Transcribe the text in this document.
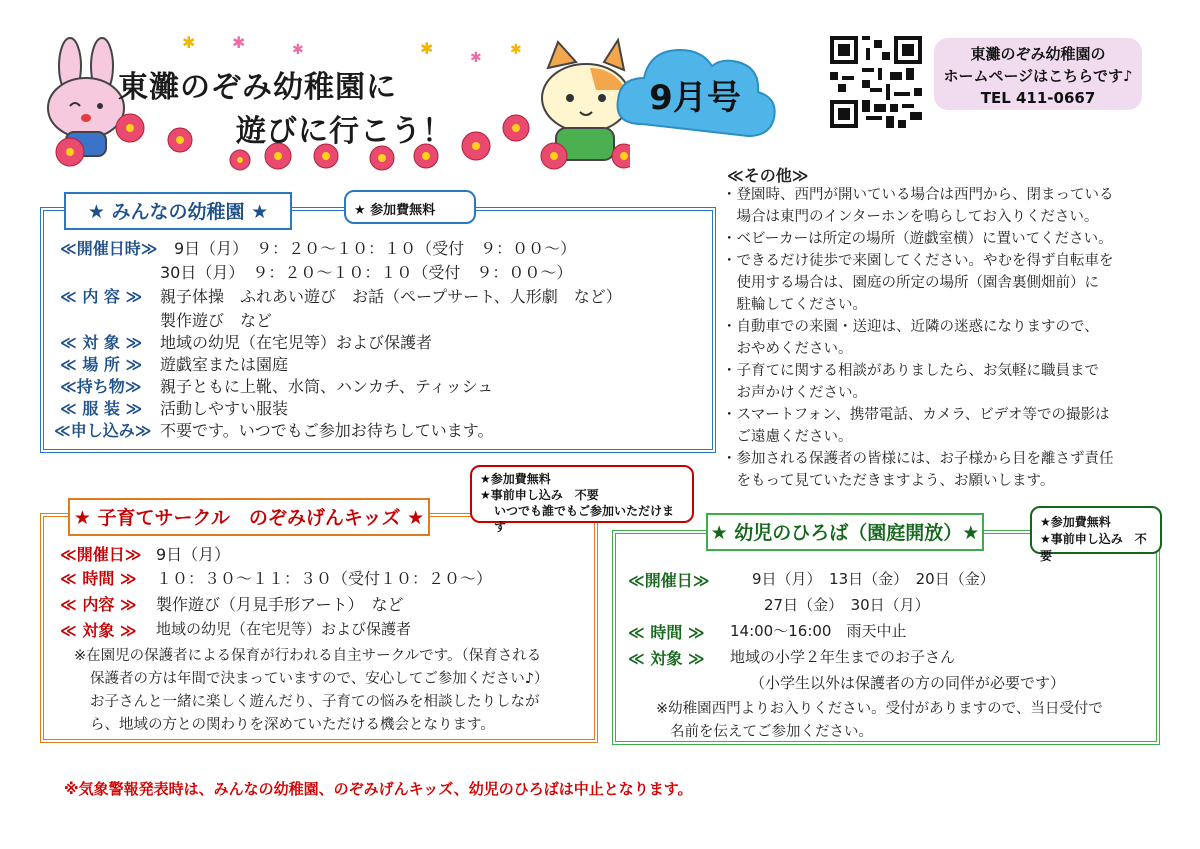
✱ ✱	✱	✱	✱ ✱
東灘のぞみ幼稚園に
遊びに行こう！
9月号
東灘のぞみ幼稚園の
ホームページはこちらです♪
TEL 411-0667
★ みんなの幼稚園 ★	★ 参加費無料
≪開催日時≫ 9日（月）　９：２０～１０：１０（受付　９：００～）
30日（月）　９：２０～１０：１０（受付　９：００～）
≪ 内 容 ≫ 親子体操　ふれあい遊び　お話（ペープサート、人形劇　など）
製作遊び　など
≪ 対 象 ≫ 地域の幼児（在宅児等）および保護者
≪ 場 所 ≫ 遊戯室または園庭
≪持ち物≫ 親子ともに上靴、水筒、ハンカチ、ティッシュ
≪ 服 装 ≫ 活動しやすい服装
≪申し込み≫ 不要です。いつでもご参加お待ちしています。
≪その他≫
・登園時、西門が開いている場合は西門から、閉まっている
　場合は東門のインターホンを鳴らしてお入りください。
・ベビーカーは所定の場所（遊戯室横）に置いてください。
・できるだけ徒歩で来園してください。やむを得ず自転車を
　使用する場合は、園庭の所定の場所（園舎裏側畑前）に
　駐輪してください。
・自動車での来園・送迎は、近隣の迷惑になりますので、
　おやめください。
・子育てに関する相談がありましたら、お気軽に職員まで
　お声かけください。
・スマートフォン、携帯電話、カメラ、ビデオ等での撮影は
　ご遠慮ください。
・参加される保護者の皆様には、お子様から目を離さず責任
　をもって見ていただきますよう、お願いします。
★ 子育てサークル　のぞみげんキッズ ★
★参加費無料
★事前申し込み　不要
いつでも誰でもご参加いただけます
≪開催日≫ 9日（月）
≪ 時間 ≫ １０：３０～１１：３０（受付１０：２０～）
≪ 内容 ≫ 製作遊び（月見手形アート）　など
≪ 対象 ≫ 地域の幼児（在宅児等）および保護者
※在園児の保護者による保育が行われる自主サークルです。（保育される
保護者の方は年間で決まっていますので、安心してご参加ください♪）
お子さんと一緒に楽しく遊んだり、子育ての悩みを相談したりしなが
ら、地域の方との関わりを深めていただける機会となります。
★ 幼児のひろば（園庭開放）★	★参加費無料
★事前申し込み　不要
≪開催日≫	9日（月）　13日（金）　20日（金）
27日（金）　30日（月）
≪ 時間 ≫ 14:00～16:00　雨天中止
≪ 対象 ≫ 地域の小学２年生までのお子さん
（小学生以外は保護者の方の同伴が必要です）
※幼稚園西門よりお入りください。受付がありますので、当日受付で
名前を伝えてご参加ください。
※気象警報発表時は、みんなの幼稚園、のぞみげんキッズ、幼児のひろばは中止となります。
